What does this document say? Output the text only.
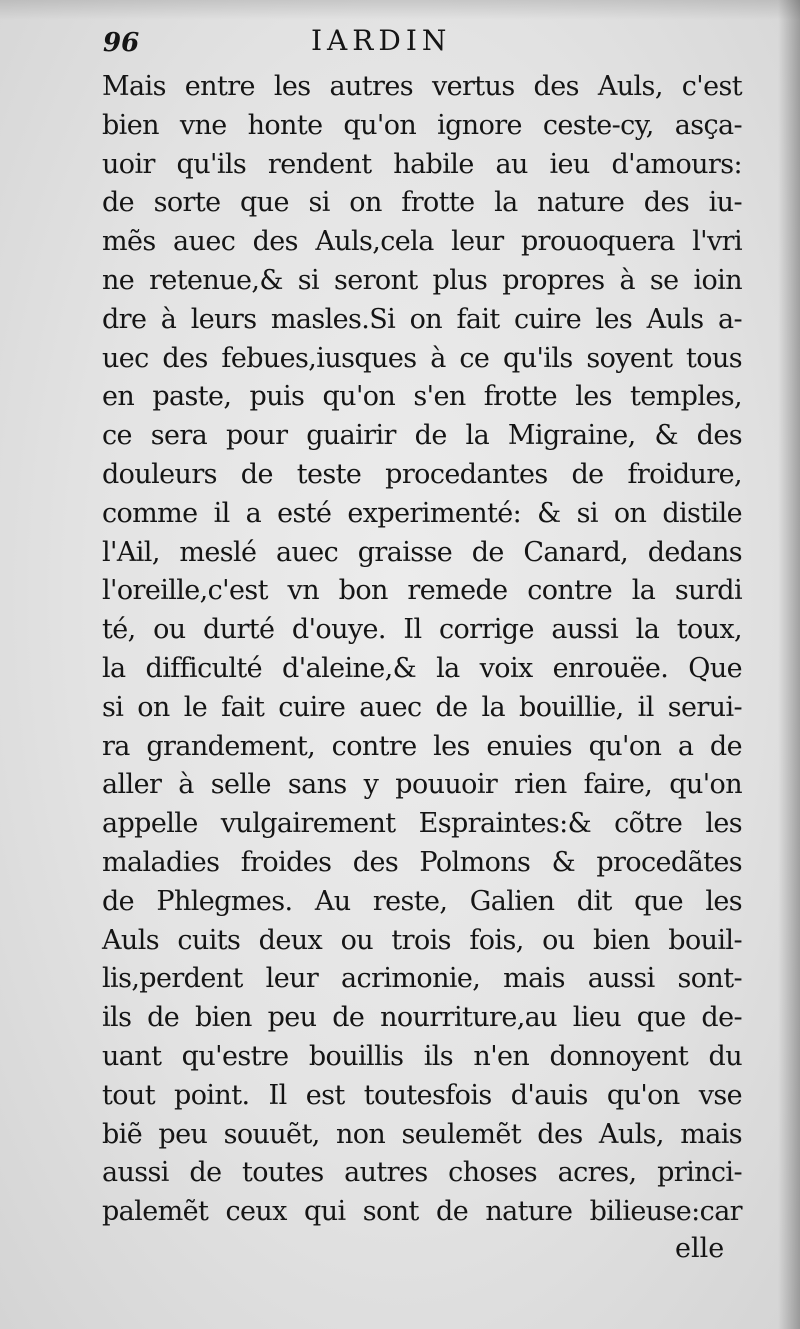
96	IARDIN
Mais entre les autres vertus des Auls, c'est
bien vne honte qu'on ignore ceste-cy, asça-
uoir qu'ils rendent habile au ieu d'amours:
de sorte que si on frotte la nature des iu-
mẽs auec des Auls,cela leur prouoquera l'vri
ne retenue,& si seront plus propres à se ioin
dre à leurs masles.Si on fait cuire les Auls a-
uec des febues,iusques à ce qu'ils soyent tous
en paste, puis qu'on s'en frotte les temples,
ce sera pour guairir de la Migraine, & des
douleurs de teste procedantes de froidure,
comme il a esté experimenté: & si on distile
l'Ail, meslé auec graisse de Canard, dedans
l'oreille,c'est vn bon remede contre la surdi
té, ou durté d'ouye. Il corrige aussi la toux,
la difficulté d'aleine,& la voix enrouëe. Que
si on le fait cuire auec de la bouillie, il serui-
ra grandement, contre les enuies qu'on a de
aller à selle sans y pouuoir rien faire, qu'on
appelle vulgairement Espraintes:& cõtre les
maladies froides des Polmons & procedãtes
de Phlegmes. Au reste, Galien dit que les
Auls cuits deux ou trois fois, ou bien bouil-
lis,perdent leur acrimonie, mais aussi sont-
ils de bien peu de nourriture,au lieu que de-
uant qu'estre bouillis ils n'en donnoyent du
tout point. Il est toutesfois d'auis qu'on vse
biẽ peu souuẽt, non seulemẽt des Auls, mais
aussi de toutes autres choses acres, princi-
palemẽt ceux qui sont de nature bilieuse:car
elle
